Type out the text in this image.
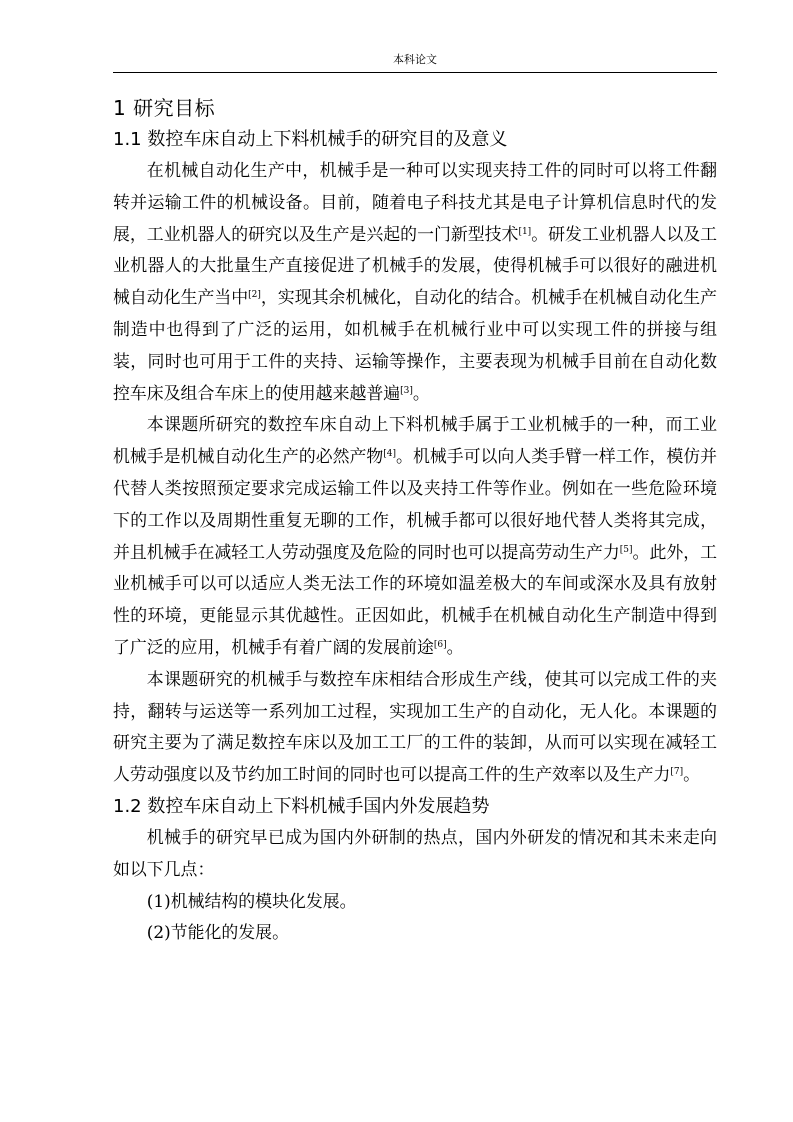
本科论文
1 研究目标
1.1 数控车床自动上下料机械手的研究目的及意义

在机械自动化生产中，机械手是一种可以实现夹持工件的同时可以将工件翻转并运输工件的机械设备。目前，随着电子科技尤其是电子计算机信息时代的发展，工业机器人的研究以及生产是兴起的一门新型技术[1]。研发工业机器人以及工业机器人的大批量生产直接促进了机械手的发展，使得机械手可以很好的融进机械自动化生产当中[2]，实现其余机械化，自动化的结合。机械手在机械自动化生产制造中也得到了广泛的运用，如机械手在机械行业中可以实现工件的拼接与组装，同时也可用于工件的夹持、运输等操作，主要表现为机械手目前在自动化数控车床及组合车床上的使用越来越普遍[3]。

本课题所研究的数控车床自动上下料机械手属于工业机械手的一种，而工业机械手是机械自动化生产的必然产物[4]。机械手可以向人类手臂一样工作，模仿并代替人类按照预定要求完成运输工件以及夹持工件等作业。例如在一些危险环境下的工作以及周期性重复无聊的工作，机械手都可以很好地代替人类将其完成，并且机械手在减轻工人劳动强度及危险的同时也可以提高劳动生产力[5]。此外，工业机械手可以可以适应人类无法工作的环境如温差极大的车间或深水及具有放射性的环境，更能显示其优越性。正因如此，机械手在机械自动化生产制造中得到了广泛的应用，机械手有着广阔的发展前途[6]。

本课题研究的机械手与数控车床相结合形成生产线，使其可以完成工件的夹持，翻转与运送等一系列加工过程，实现加工生产的自动化，无人化。本课题的研究主要为了满足数控车床以及加工工厂的工件的装卸，从而可以实现在减轻工人劳动强度以及节约加工时间的同时也可以提高工件的生产效率以及生产力[7]。

1.2 数控车床自动上下料机械手国内外发展趋势

机械手的研究早已成为国内外研制的热点，国内外研发的情况和其未来走向如以下几点：

(1)机械结构的模块化发展。

(2)节能化的发展。
